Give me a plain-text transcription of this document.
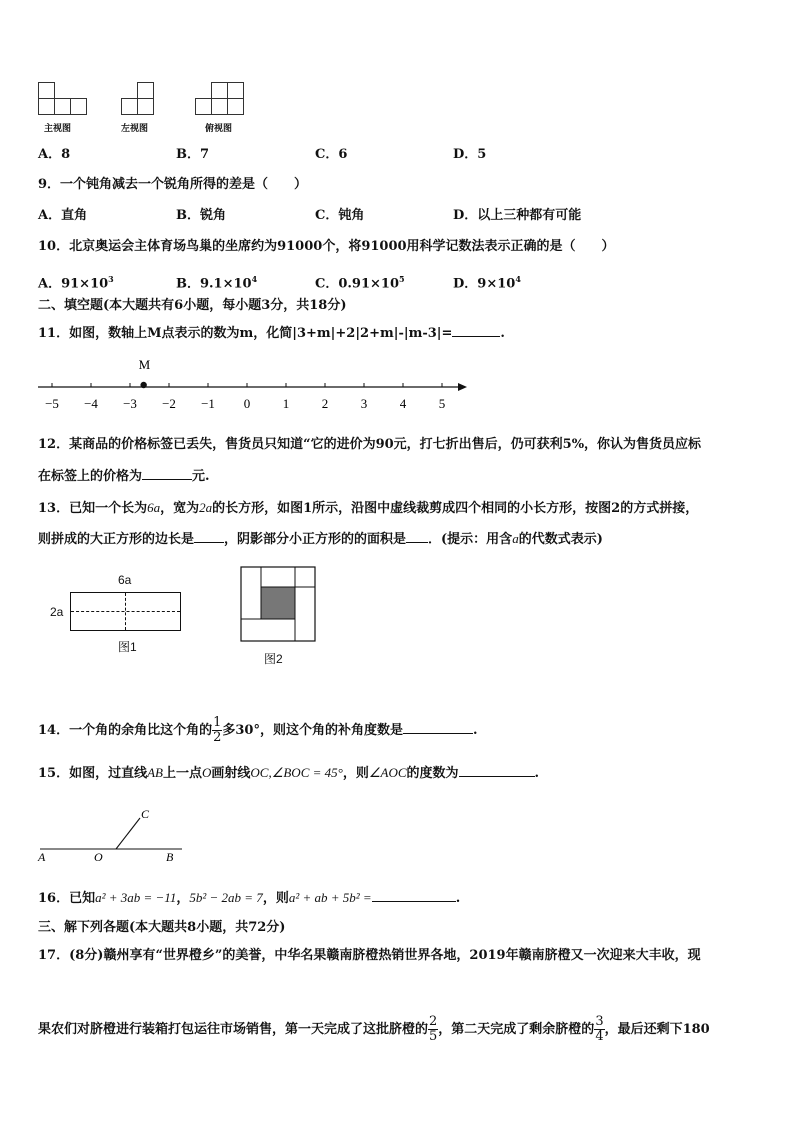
主视图	左视图	俯视图
A．8	B．7	C．6	D．5
9．一个钝角减去一个锐角所得的差是（　　）
A．直角	B．锐角	C．钝角	D．以上三种都有可能
10．北京奥运会主体育场鸟巢的坐席约为91000个，将91000用科学记数法表示正确的是（　　）
A．$91\times 10^3$	B．$9.1\times 10^4$	C．$0.91\times 10^5$	D．$9\times 10^4$
二、填空题(本大题共有6小题，每小题3分，共18分)
11．如图，数轴上M点表示的数为m，化简|3+m|+2|2+m|-|m-3|=	.
−5 −4 −3 −2 −1 0	1	2	3	4	5
M
12．某商品的价格标签已丢失，售货员只知道“它的进价为90元，打七折出售后，仍可获利5%，你认为售货员应标
在标签上的价格为	元.
13．已知一个长为6a，宽为2a的长方形，如图1所示，沿图中虚线裁剪成四个相同的小长方形，按图2的方式拼接，
则拼成的大正方形的边长是 ，阴影部分小正方形的的面积是 ．(提示：用含a的代数式表示)
6a
2a
图1
图2
14．一个角的余角比这个角的 $\frac{1}{2}$ 多30°，则这个角的补角度数是	.
15．如图，过直线AB上一点O画射线OC,∠BOC = 45°，则∠AOC的度数为	.
A	O	B
C
16．已知a² + 3ab = −11，5b² − 2ab = 7，则a² + ab + 5b² =	.
三、解下列各题(本大题共8小题，共72分)
17．(8分)赣州享有“世界橙乡”的美誉，中华名果赣南脐橙热销世界各地，2019年赣南脐橙又一次迎来大丰收，现
果农们对脐橙进行装箱打包运往市场销售，第一天完成了这批脐橙的 $\frac{2}{5}$ ，第二天完成了剩余脐橙的 $\frac{3}{4}$ ，最后还剩下180
